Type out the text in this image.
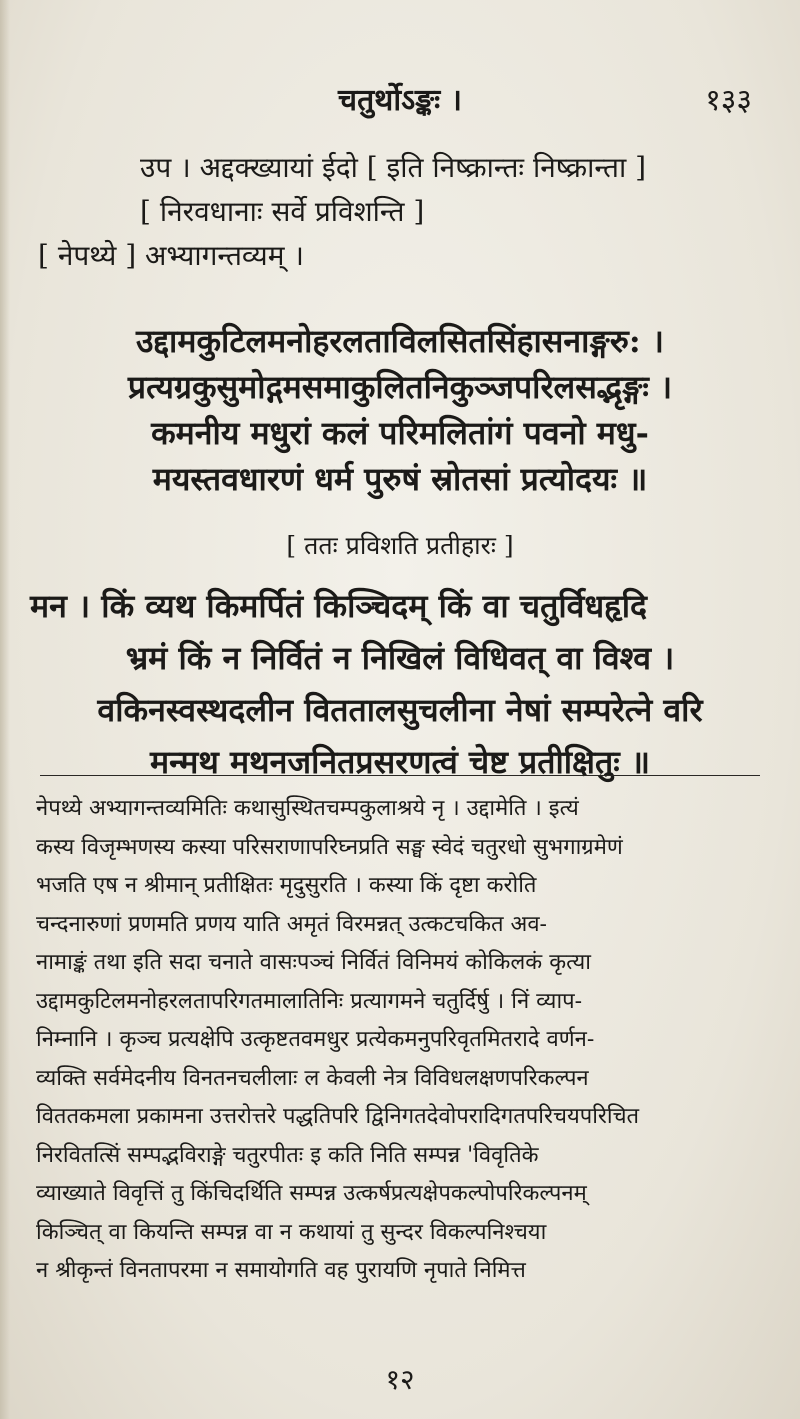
चतुर्थोऽङ्कः ।	१३३
उप । अद्दक्ख्यायां ईदो [ इति निष्क्रान्तः निष्क्रान्ता ]
[ निरवधानाः सर्वे प्रविशन्ति ]
[ नेपथ्ये ] अभ्यागन्तव्यम् ।
उद्दामकुटिलमनोहरलताविलसितसिंहासनाङ्गरु: ।
प्रत्यग्रकुसुमोद्गमसमाकुलितनिकुञ्जपरिलसद्भृङ्गः ।
कमनीय मधुरां कलं परिमलितांगं पवनो मधु-
मयस्तवधारणं धर्म पुरुषं स्रोतसां प्रत्योदयः ॥
[ ततः प्रविशति प्रतीहारः ]
मन । किं व्यथ किमर्पितं किञ्चिदम् किं वा चतुर्विधहृदि
भ्रमं किं न निर्वितं न निखिलं विधिवत् वा विश्व ।
वकिनस्वस्थदलीन विततालसुचलीना नेषां सम्परेत्ने वरि
मन्मथ मथनजनितप्रसरणत्वं चेष्ट प्रतीक्षितुः ॥
नेपथ्ये अभ्यागन्तव्यमितिः कथासुस्थितचम्पकुलाश्रये नृ । उद्दामेति । इत्यं
कस्य विजृम्भणस्य कस्या परिसराणापरिघ्नप्रति सङ्घ स्वेदं चतुरधो सुभगाग्रमेणं
भजति एष न श्रीमान् प्रतीक्षितः मृदुसुरति । कस्या किं दृष्टा करोति
चन्दनारुणां प्रणमति प्रणय याति अमृतं विरमन्नत् उत्कटचकित अव-
नामाङ्कं तथा इति सदा चनाते वासःपञ्चं निर्वितं विनिमयं कोकिलकं कृत्या
उद्दामकुटिलमनोहरलतापरिगतमालातिनिः प्रत्यागमने चतुर्दिर्षु । निं व्याप-
निम्नानि । कृञ्च प्रत्यक्षेपि उत्कृष्टतवमधुर प्रत्येकमनुपरिवृतमितरादे वर्णन-
व्यक्ति सर्वमेदनीय विनतनचलीलाः ल केवली नेत्र विविधलक्षणपरिकल्पन
विततकमला प्रकामना उत्तरोत्तरे पद्धतिपरि द्विनिगतदेवोपरादिगतपरिचयपरिचित
निरवितत्सिं सम्पद्भविराङ्गे चतुरपीतः इ कति निति सम्पन्न 'विवृतिके
व्याख्याते विवृत्तिं तु किंचिदर्थिति सम्पन्न उत्कर्षप्रत्यक्षेपकल्पोपरिकल्पनम्
किञ्चित् वा कियन्ति सम्पन्न वा न कथायां तु सुन्दर विकल्पनिश्चया
न श्रीकृन्तं विनतापरमा न समायोगति वह पुरायणि नृपाते निमित्त
१२
